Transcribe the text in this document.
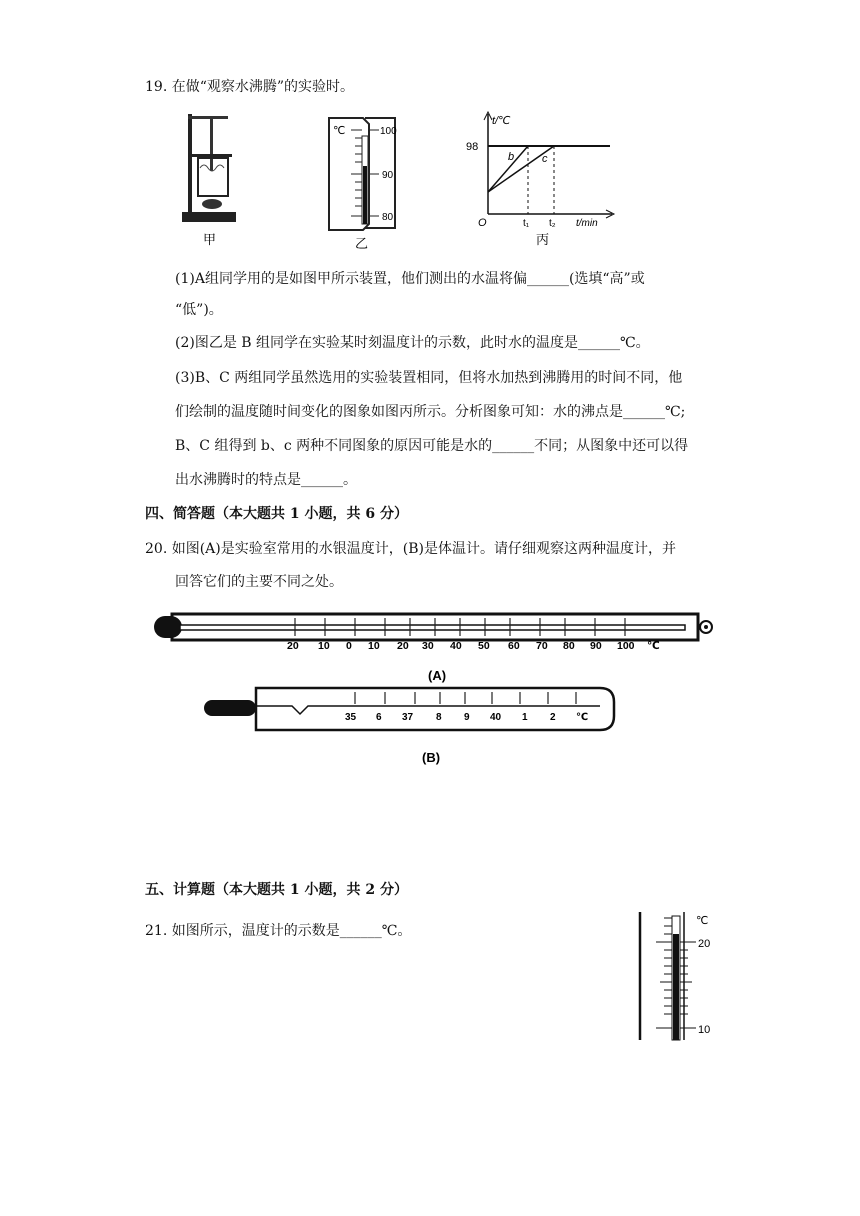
19. 在做“观察水沸腾”的实验时。
甲
℃	100
90
80
乙
t/℃
98
b	c
O	t₁ t₂ t/min
丙
(1)A组同学用的是如图甲所示装置，他们测出的水温将偏______(选填“高”或
“低”)。
(2)图乙是 B 组同学在实验某时刻温度计的示数，此时水的温度是______℃。
(3)B、C 两组同学虽然选用的实验装置相同，但将水加热到沸腾用的时间不同，他
们绘制的温度随时间变化的图象如图丙所示。分析图象可知：水的沸点是______℃;
B、C 组得到 b、c 两种不同图象的原因可能是水的______不同；从图象中还可以得
出水沸腾时的特点是______。
四、简答题（本大题共 1 小题，共 6 分）
20. 如图(A)是实验室常用的水银温度计，(B)是体温计。请仔细观察这两种温度计，并
回答它们的主要不同之处。
20 10 0 10 20 30 40 50 60 70 80 90 100 ℃
(A)
35 6 37 8 9 40 1 2 ℃
(B)
五、计算题（本大题共 1 小题，共 2 分）
21. 如图所示，温度计的示数是______℃。
℃
20
10
